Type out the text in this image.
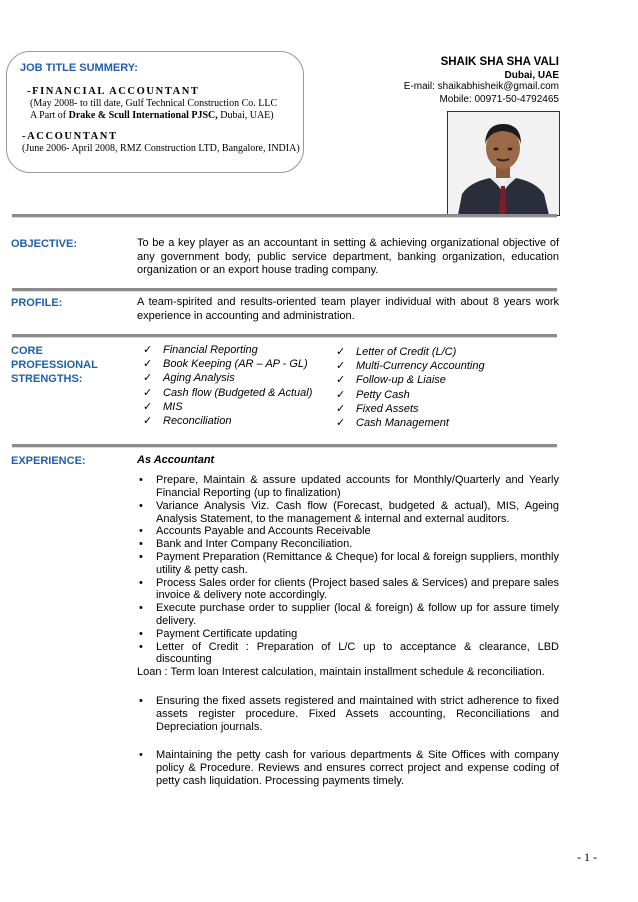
JOB TITLE SUMMERY:
-FINANCIAL ACCOUNTANT
(May 2008- to till date, Gulf Technical Construction Co. LLC
A Part of Drake & Scull International PJSC, Dubai, UAE)
-ACCOUNTANT
(June 2006- April 2008, RMZ Construction LTD, Bangalore, INDIA)
SHAIK SHA SHA VALI
Dubai, UAE
E-mail: shaikabhisheik@gmail.com
Mobile: 00971-50-4792465
OBJECTIVE:	To be a key player as an accountant in setting & achieving organizational objective of any government body, public service department, banking organization, education organization or an export house trading company.
PROFILE:	A team-spirited and results-oriented team player individual with about 8 years work experience in accounting and administration.
CORE
PROFESSIONAL
STRENGTHS:
✓ Financial Reporting
✓ Book Keeping (AR – AP - GL)
✓ Aging Analysis
✓ Cash flow (Budgeted & Actual)
✓ MIS
✓ Reconciliation
✓ Letter of Credit (L/C)
✓ Multi-Currency Accounting
✓ Follow-up & Liaise
✓ Petty Cash
✓ Fixed Assets
✓ Cash Management
EXPERIENCE:	As Accountant
• Prepare, Maintain & assure updated accounts for Monthly/Quarterly and Yearly Financial Reporting (up to finalization)
• Variance Analysis Viz. Cash flow (Forecast, budgeted & actual), MIS, Ageing Analysis Statement, to the management & internal and external auditors.
• Accounts Payable and Accounts Receivable
• Bank and Inter Company Reconciliation.
• Payment Preparation (Remittance & Cheque) for local & foreign suppliers, monthly utility & petty cash.
• Process Sales order for clients (Project based sales & Services) and prepare sales invoice & delivery note accordingly.
• Execute purchase order to supplier (local & foreign) & follow up for assure timely delivery.
• Payment Certificate updating
• Letter of Credit : Preparation of L/C up to acceptance & clearance, LBD discounting
Loan : Term loan Interest calculation, maintain installment schedule & reconciliation.
• Ensuring the fixed assets registered and maintained with strict adherence to fixed assets register procedure. Fixed Assets accounting, Reconciliations and Depreciation journals.
• Maintaining the petty cash for various departments & Site Offices with company policy & Procedure. Reviews and ensures correct project and expense coding of petty cash liquidation. Processing payments timely.
- 1 -
